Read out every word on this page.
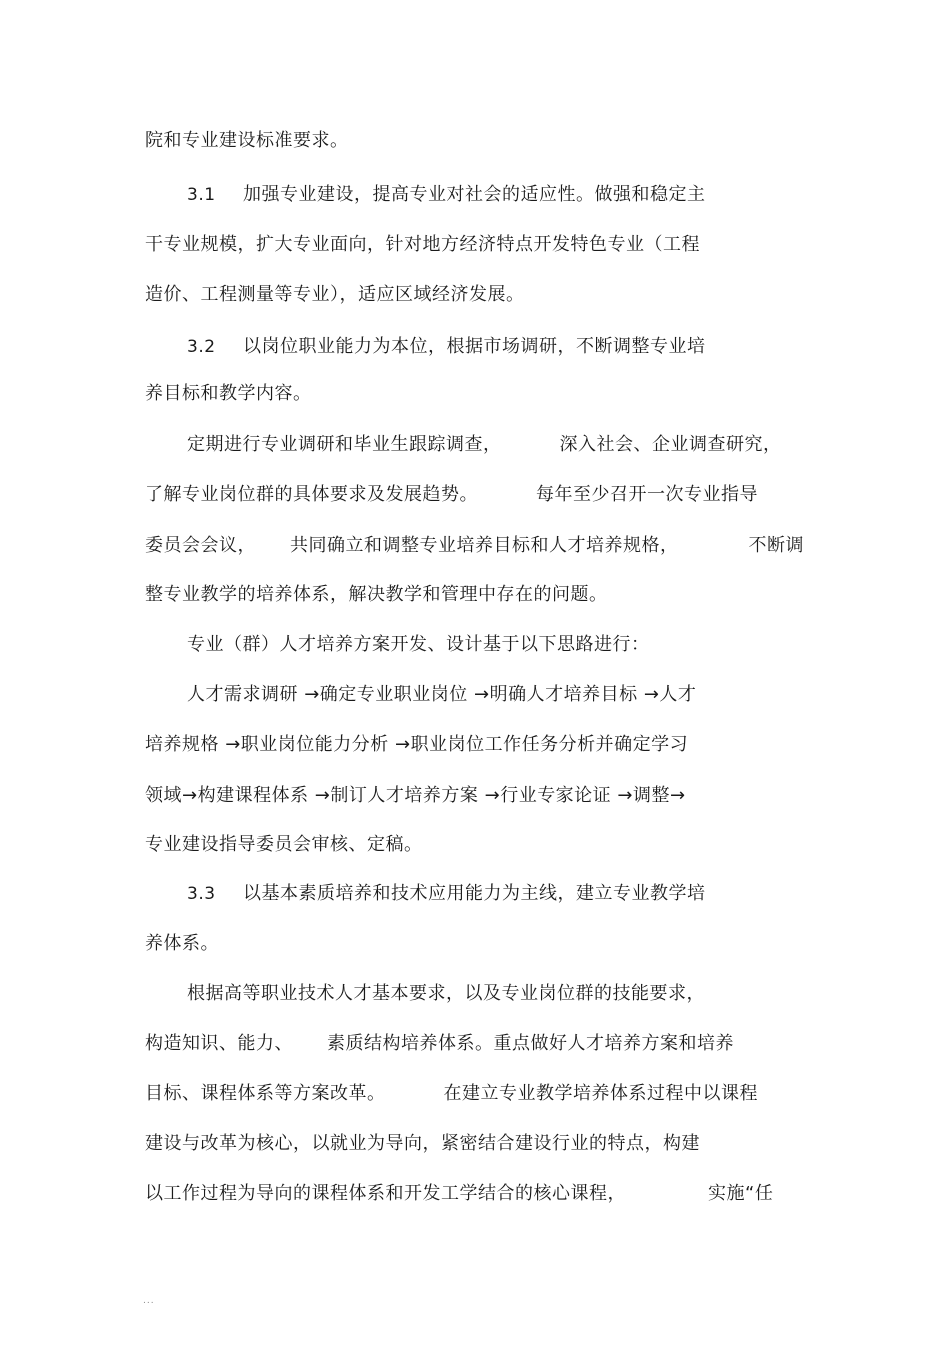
院和专业建设标准要求。
3.1 加强专业建设，提高专业对社会的适应性。做强和稳定主
干专业规模，扩大专业面向，针对地方经济特点开发特色专业（工程
造价、工程测量等专业），适应区域经济发展。
3.2 以岗位职业能力为本位，根据市场调研，不断调整专业培
养目标和教学内容。
定期进行专业调研和毕业生跟踪调查，	深入社会、企业调查研究，
了解专业岗位群的具体要求及发展趋势。	每年至少召开一次专业指导
委员会会议， 共同确立和调整专业培养目标和人才培养规格，	不断调
整专业教学的培养体系，解决教学和管理中存在的问题。
专业（群）人才培养方案开发、设计基于以下思路进行：
人才需求调研 →确定专业职业岗位 →明确人才培养目标 →人才
培养规格 →职业岗位能力分析 →职业岗位工作任务分析并确定学习
领域→构建课程体系 →制订人才培养方案 →行业专家论证 →调整→
专业建设指导委员会审核、定稿。
3.3 以基本素质培养和技术应用能力为主线，建立专业教学培
养体系。
根据高等职业技术人才基本要求，以及专业岗位群的技能要求，
构造知识、能力、 素质结构培养体系。重点做好人才培养方案和培养
目标、课程体系等方案改革。	在建立专业教学培养体系过程中以课程
建设与改革为核心，以就业为导向，紧密结合建设行业的特点，构建
以工作过程为导向的课程体系和开发工学结合的核心课程，	实施“任
...
